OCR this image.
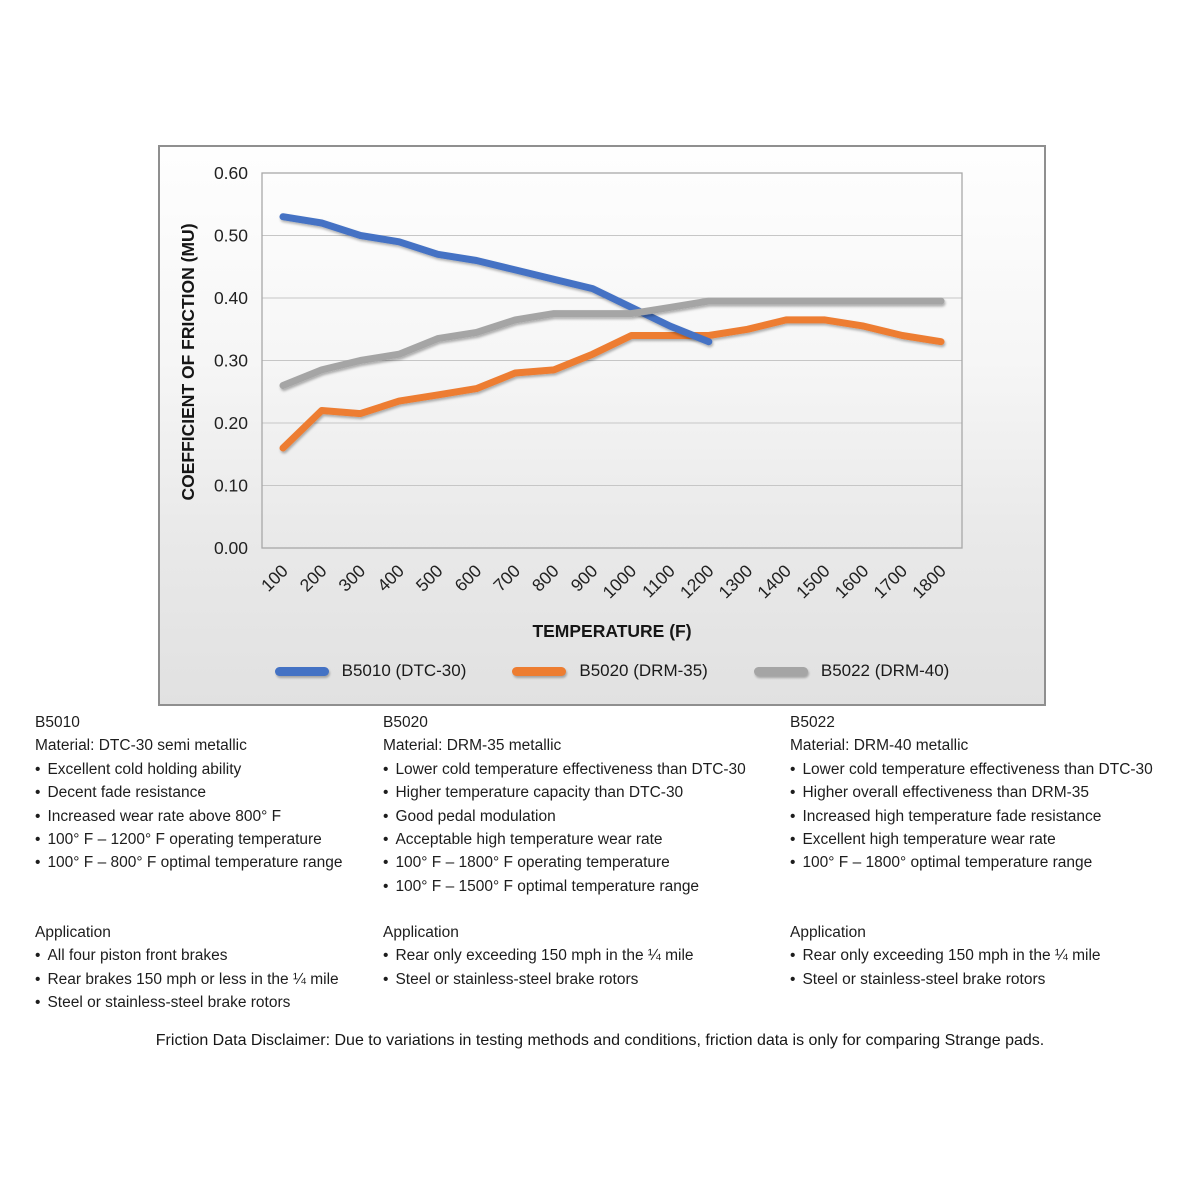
0.00
0.10
0.20
0.30
0.40
0.50
0.60
100 200 300 400 500 600 700 800 900
1000
1100
1200
1300
1400
1500
1600
1700
1800
COEFFICIENT OF FRICTION (MU)
TEMPERATURE (F)
B5010 (DTC-30)	B5020 (DRM-35)	B5022 (DRM-40)
B5010
Material: DTC-30 semi metallic
• Excellent cold holding ability
• Decent fade resistance
• Increased wear rate above 800° F
• 100° F – 1200° F operating temperature
• 100° F – 800° F optimal temperature range
Application
• All four piston front brakes
• Rear brakes 150 mph or less in the ¼ mile
• Steel or stainless-steel brake rotors
B5020
Material: DRM-35 metallic
• Lower cold temperature effectiveness than DTC-30
• Higher temperature capacity than DTC-30
• Good pedal modulation
• Acceptable high temperature wear rate
• 100° F – 1800° F operating temperature
• 100° F – 1500° F optimal temperature range
Application
• Rear only exceeding 150 mph in the ¼ mile
• Steel or stainless-steel brake rotors
B5022
Material: DRM-40 metallic
• Lower cold temperature effectiveness than DTC-30
• Higher overall effectiveness than DRM-35
• Increased high temperature fade resistance
• Excellent high temperature wear rate
• 100° F – 1800° optimal temperature range
Application
• Rear only exceeding 150 mph in the ¼ mile
• Steel or stainless-steel brake rotors
Friction Data Disclaimer: Due to variations in testing methods and conditions, friction data is only for comparing Strange pads.
